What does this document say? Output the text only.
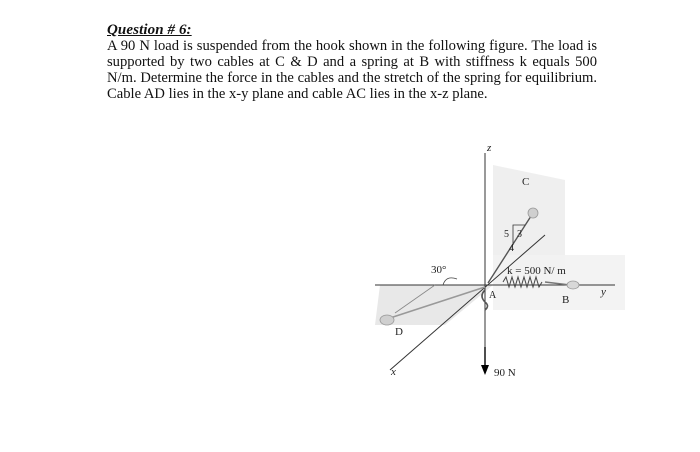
Question # 6:
A 90 N load is suspended from the hook shown in the following figure. The load is supported by two cables at C & D and a spring at B with stiffness k equals 500 N/m. Determine the force in the cables and the stretch of the spring for equilibrium. Cable AD lies in the x-y plane and cable AC lies in the x-z plane.
z
y
x
C
A	B
D
5 3
4
30°	k = 500 N/ m
90 N
